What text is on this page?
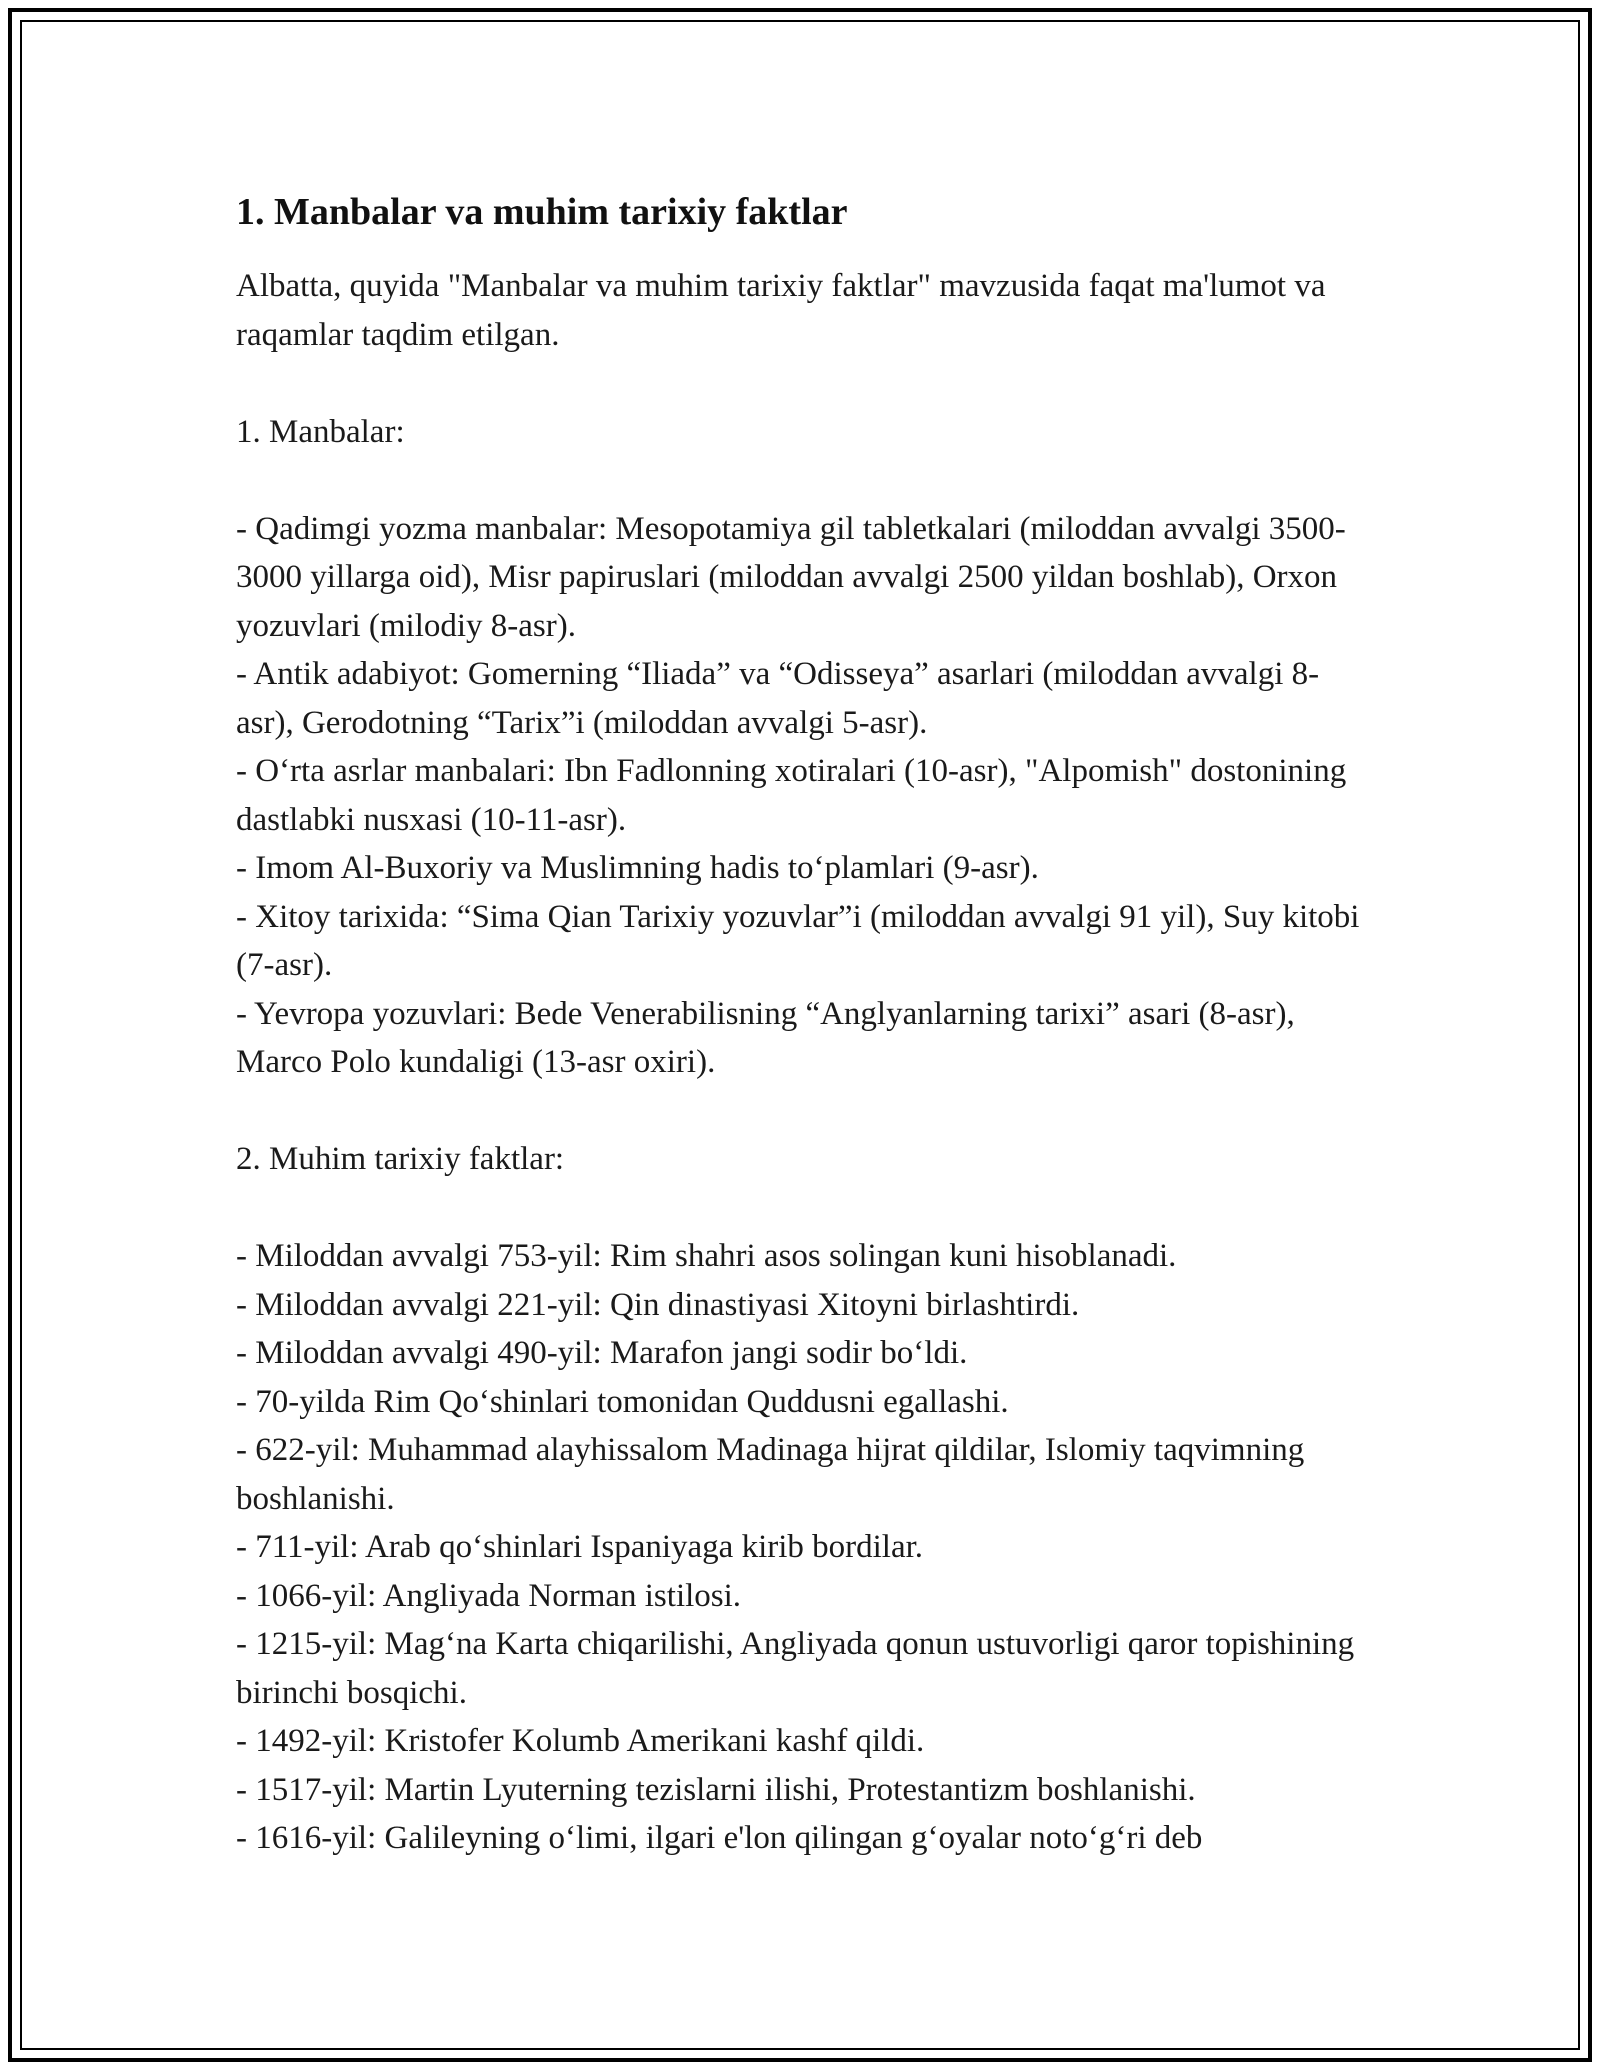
1. Manbalar va muhim tarixiy faktlar

Albatta, quyida "Manbalar va muhim tarixiy faktlar" mavzusida faqat ma'lumot va raqamlar taqdim etilgan.

1. Manbalar:

- Qadimgi yozma manbalar: Mesopotamiya gil tabletkalari (miloddan avvalgi 3500-3000 yillarga oid), Misr papiruslari (miloddan avvalgi 2500 yildan boshlab), Orxon yozuvlari (milodiy 8-asr).

- Antik adabiyot: Gomerning “Iliada” va “Odisseya” asarlari (miloddan avvalgi 8-asr), Gerodotning “Tarix”i (miloddan avvalgi 5-asr).

- O‘rta asrlar manbalari: Ibn Fadlonning xotiralari (10-asr), "Alpomish" dostonining dastlabki nusxasi (10-11-asr).

- Imom Al-Buxoriy va Muslimning hadis to‘plamlari (9-asr).

- Xitoy tarixida: “Sima Qian Tarixiy yozuvlar”i (miloddan avvalgi 91 yil), Suy kitobi (7-asr).

- Yevropa yozuvlari: Bede Venerabilisning “Anglyanlarning tarixi” asari (8-asr), Marco Polo kundaligi (13-asr oxiri).

2. Muhim tarixiy faktlar:

- Miloddan avvalgi 753-yil: Rim shahri asos solingan kuni hisoblanadi.

- Miloddan avvalgi 221-yil: Qin dinastiyasi Xitoyni birlashtirdi.

- Miloddan avvalgi 490-yil: Marafon jangi sodir bo‘ldi.

- 70-yilda Rim Qo‘shinlari tomonidan Quddusni egallashi.

- 622-yil: Muhammad alayhissalom Madinaga hijrat qildilar, Islomiy taqvimning boshlanishi.

- 711-yil: Arab qo‘shinlari Ispaniyaga kirib bordilar.

- 1066-yil: Angliyada Norman istilosi.

- 1215-yil: Mag‘na Karta chiqarilishi, Angliyada qonun ustuvorligi qaror topishining birinchi bosqichi.

- 1492-yil: Kristofer Kolumb Amerikani kashf qildi.

- 1517-yil: Martin Lyuterning tezislarni ilishi, Protestantizm boshlanishi.

- 1616-yil: Galileyning o‘limi, ilgari e'lon qilingan g‘oyalar noto‘g‘ri deb
